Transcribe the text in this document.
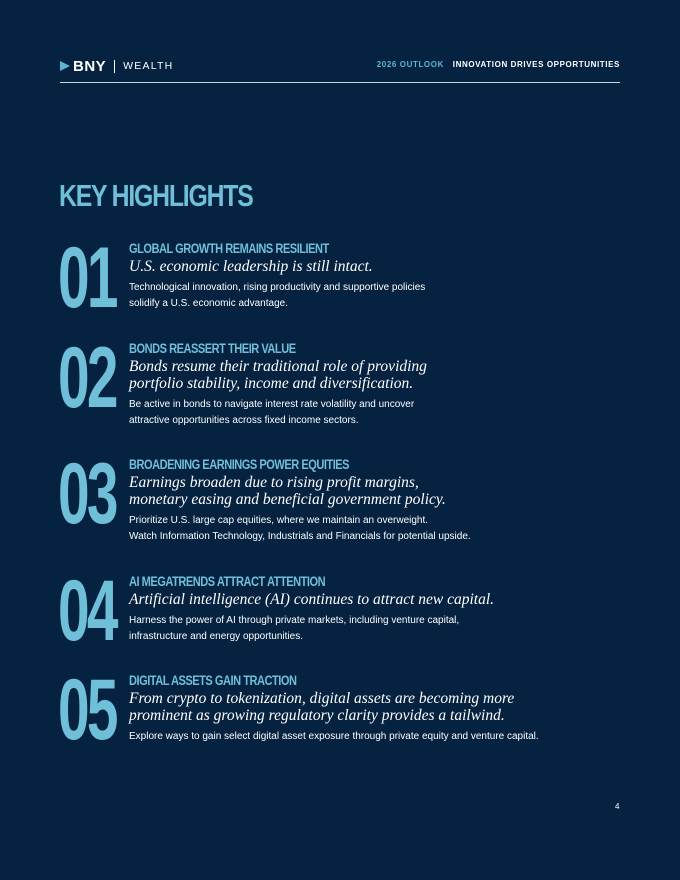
BNY WEALTH	2026 OUTLOOK INNOVATION DRIVES OPPORTUNITIES
KEY HIGHLIGHTS
01 GLOBAL GROWTH REMAINS RESILIENT
U.S. economic leadership is still intact.
Technological innovation, rising productivity and supportive policies
solidify a U.S. economic advantage.
02 BONDS REASSERT THEIR VALUE
Bonds resume their traditional role of providing
portfolio stability, income and diversification.
Be active in bonds to navigate interest rate volatility and uncover
attractive opportunities across fixed income sectors.
03 BROADENING EARNINGS POWER EQUITIES
Earnings broaden due to rising profit margins,
monetary easing and beneficial government policy.
Prioritize U.S. large cap equities, where we maintain an overweight.
Watch Information Technology, Industrials and Financials for potential upside.
04 AI MEGATRENDS ATTRACT ATTENTION
Artificial intelligence (AI) continues to attract new capital.
Harness the power of AI through private markets, including venture capital,
infrastructure and energy opportunities.
05 DIGITAL ASSETS GAIN TRACTION
From crypto to tokenization, digital assets are becoming more
prominent as growing regulatory clarity provides a tailwind.
Explore ways to gain select digital asset exposure through private equity and venture capital.
4
